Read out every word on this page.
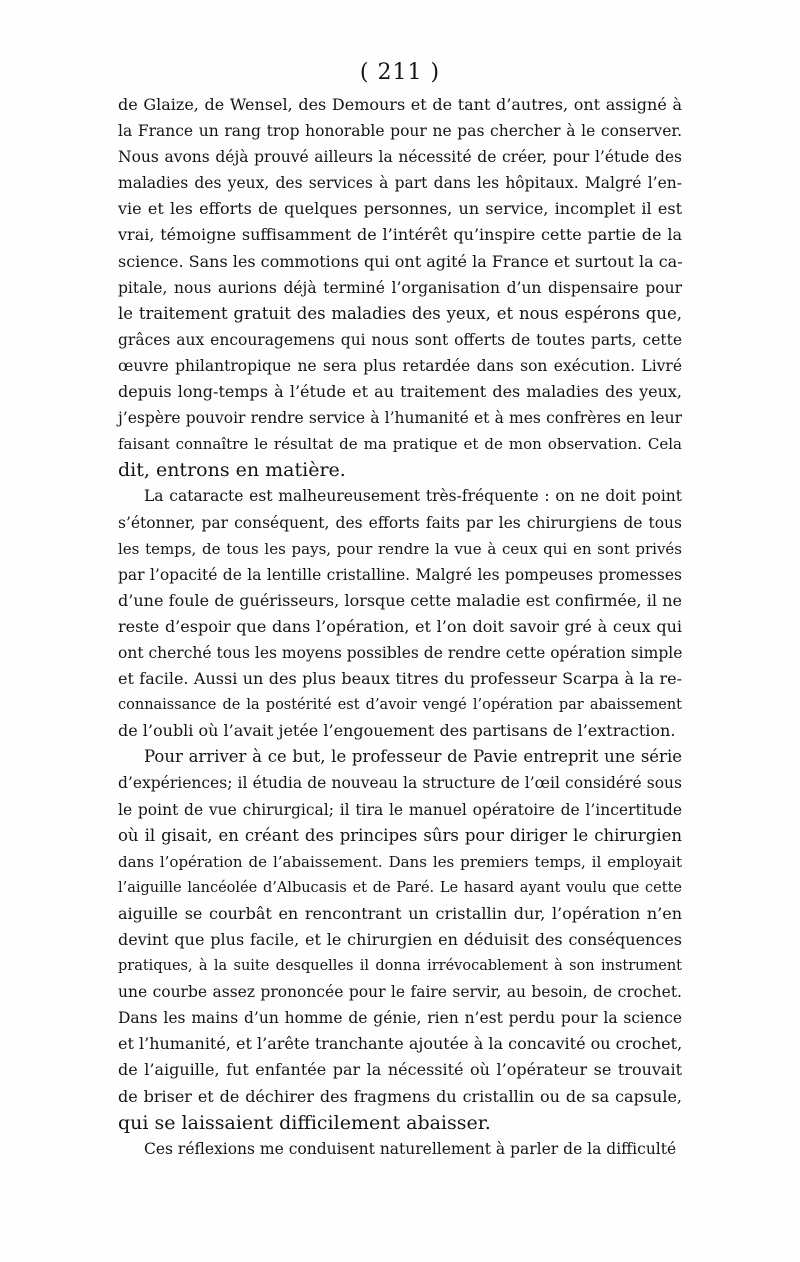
( 211 )
de Glaize, de Wensel, des Demours et de tant d’autres, ont assigné à
la France un rang trop honorable pour ne pas chercher à le conserver.
Nous avons déjà prouvé ailleurs la nécessité de créer, pour l’étude des
maladies des yeux, des services à part dans les hôpitaux. Malgré l’en-
vie et les efforts de quelques personnes, un service, incomplet il est
vrai, témoigne suffisamment de l’intérêt qu’inspire cette partie de la
science. Sans les commotions qui ont agité la France et surtout la ca-
pitale, nous aurions déjà terminé l’organisation d’un dispensaire pour
le traitement gratuit des maladies des yeux, et nous espérons que,
grâces aux encouragemens qui nous sont offerts de toutes parts, cette
œuvre philantropique ne sera plus retardée dans son exécution. Livré
depuis long-temps à l’étude et au traitement des maladies des yeux,
j’espère pouvoir rendre service à l’humanité et à mes confrères en leur
faisant connaître le résultat de ma pratique et de mon observation. Cela
dit, entrons en matière.
La cataracte est malheureusement très-fréquente : on ne doit point
s’étonner, par conséquent, des efforts faits par les chirurgiens de tous
les temps, de tous les pays, pour rendre la vue à ceux qui en sont privés
par l’opacité de la lentille cristalline. Malgré les pompeuses promesses
d’une foule de guérisseurs, lorsque cette maladie est confirmée, il ne
reste d’espoir que dans l’opération, et l’on doit savoir gré à ceux qui
ont cherché tous les moyens possibles de rendre cette opération simple
et facile. Aussi un des plus beaux titres du professeur Scarpa à la re-
connaissance de la postérité est d’avoir vengé l’opération par abaissement
de l’oubli où l’avait jetée l’engouement des partisans de l’extraction.
Pour arriver à ce but, le professeur de Pavie entreprit une série
d’expériences; il étudia de nouveau la structure de l’œil considéré sous
le point de vue chirurgical; il tira le manuel opératoire de l’incertitude
où il gisait, en créant des principes sûrs pour diriger le chirurgien
dans l’opération de l’abaissement. Dans les premiers temps, il employait
l’aiguille lancéolée d’Albucasis et de Paré. Le hasard ayant voulu que cette
aiguille se courbât en rencontrant un cristallin dur, l’opération n’en
devint que plus facile, et le chirurgien en déduisit des conséquences
pratiques, à la suite desquelles il donna irrévocablement à son instrument
une courbe assez prononcée pour le faire servir, au besoin, de crochet.
Dans les mains d’un homme de génie, rien n’est perdu pour la science
et l’humanité, et l’arête tranchante ajoutée à la concavité ou crochet,
de l’aiguille, fut enfantée par la nécessité où l’opérateur se trouvait
de briser et de déchirer des fragmens du cristallin ou de sa capsule,
qui se laissaient difficilement abaisser.
Ces réflexions me conduisent naturellement à parler de la difficulté
